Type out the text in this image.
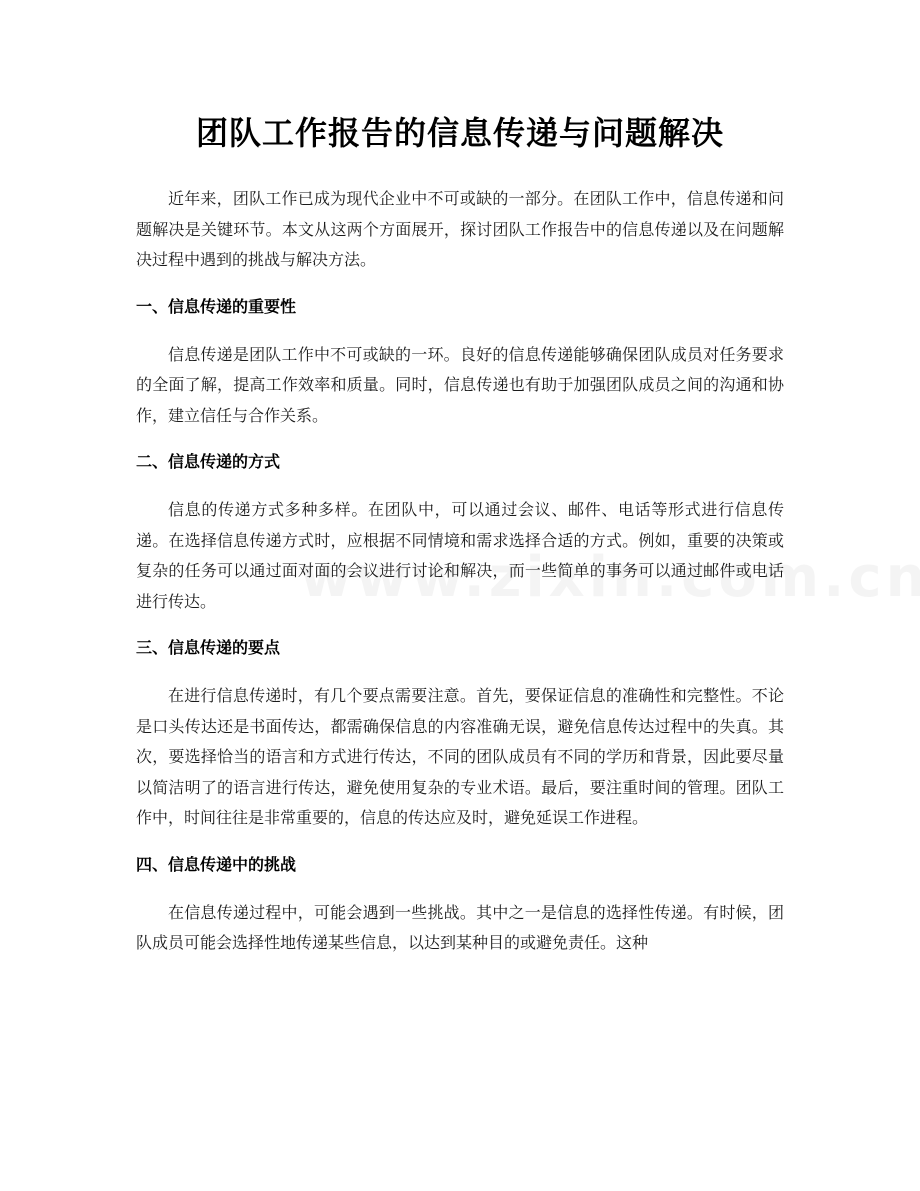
团队工作报告的信息传递与问题解决

近年来，团队工作已成为现代企业中不可或缺的一部分。在团队工作中，信息传递和问题解决是关键环节。本文从这两个方面展开，探讨团队工作报告中的信息传递以及在问题解决过程中遇到的挑战与解决方法。

一、信息传递的重要性

信息传递是团队工作中不可或缺的一环。良好的信息传递能够确保团队成员对任务要求的全面了解，提高工作效率和质量。同时，信息传递也有助于加强团队成员之间的沟通和协作，建立信任与合作关系。

二、信息传递的方式

信息的传递方式多种多样。在团队中，可以通过会议、邮件、电话等形式进行信息传递。在选择信息传递方式时，应根据不同情境和需求选择合适的方式。例如，重要的决策或复杂的任务可以通过面对面的会议进行讨论和解决，而一些简单的事务可以通过邮件或电话进行传达。

三、信息传递的要点

在进行信息传递时，有几个要点需要注意。首先，要保证信息的准确性和完整性。不论是口头传达还是书面传达，都需确保信息的内容准确无误，避免信息传达过程中的失真。其次，要选择恰当的语言和方式进行传达，不同的团队成员有不同的学历和背景，因此要尽量以简洁明了的语言进行传达，避免使用复杂的专业术语。最后，要注重时间的管理。团队工作中，时间往往是非常重要的，信息的传达应及时，避免延误工作进程。

四、信息传递中的挑战

在信息传递过程中，可能会遇到一些挑战。其中之一是信息的选择性传递。有时候，团队成员可能会选择性地传递某些信息，以达到某种目的或避免责任。这种
